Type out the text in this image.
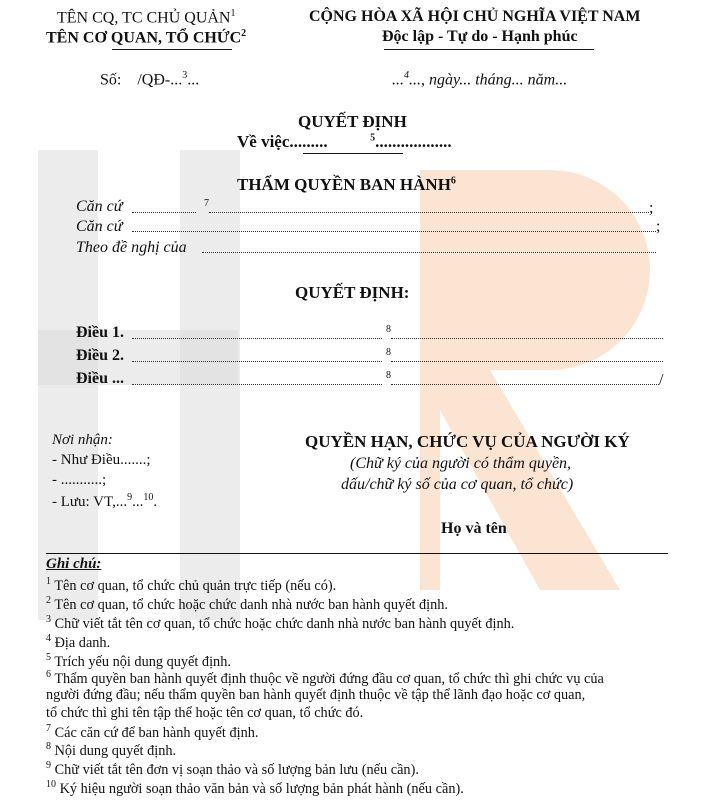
TÊN CQ, TC CHỦ QUẢN$^1$
TÊN CƠ QUAN, TỔ CHỨC$^2$
CỘNG HÒA XÃ HỘI CHỦ NGHĨA VIỆT NAM
Độc lập - Tự do - Hạnh phúc
Số: /QĐ-...$^3$...	...$^4$..., ngày... tháng... năm...
QUYẾT ĐỊNH
Về việc.........          $^5$..................
THẨM QUYỀN BAN HÀNH$^6$
Căn cứ	$^7$	;
Căn cứ	;
Theo đề nghị của
QUYẾT ĐỊNH:
Điều 1.	$^8$
Điều 2.	$^8$
Điều ...	$^8$	/
Nơi nhận:
- Như Điều.......;
- ...........;
- Lưu: VT,...$^9$...$^{10}$.
QUYỀN HẠN, CHỨC VỤ CỦA NGƯỜI KÝ
(Chữ ký của người có thẩm quyền,
dấu/chữ ký số của cơ quan, tổ chức)
Họ và tên
Ghi chú:
$^1$ Tên cơ quan, tổ chức chủ quản trực tiếp (nếu có).
$^2$ Tên cơ quan, tổ chức hoặc chức danh nhà nước ban hành quyết định.
$^3$ Chữ viết tắt tên cơ quan, tổ chức hoặc chức danh nhà nước ban hành quyết định.
$^4$ Địa danh.
$^5$ Trích yếu nội dung quyết định.
$^6$ Thẩm quyền ban hành quyết định thuộc về người đứng đầu cơ quan, tổ chức thì ghi chức vụ của
người đứng đầu; nếu thẩm quyền ban hành quyết định thuộc về tập thể lãnh đạo hoặc cơ quan,
tổ chức thì ghi tên tập thể hoặc tên cơ quan, tổ chức đó.
$^7$ Các căn cứ để ban hành quyết định.
$^8$ Nội dung quyết định.
$^9$ Chữ viết tắt tên đơn vị soạn thảo và số lượng bản lưu (nếu cần).
$^{10}$ Ký hiệu người soạn thảo văn bản và số lượng bản phát hành (nếu cần).
